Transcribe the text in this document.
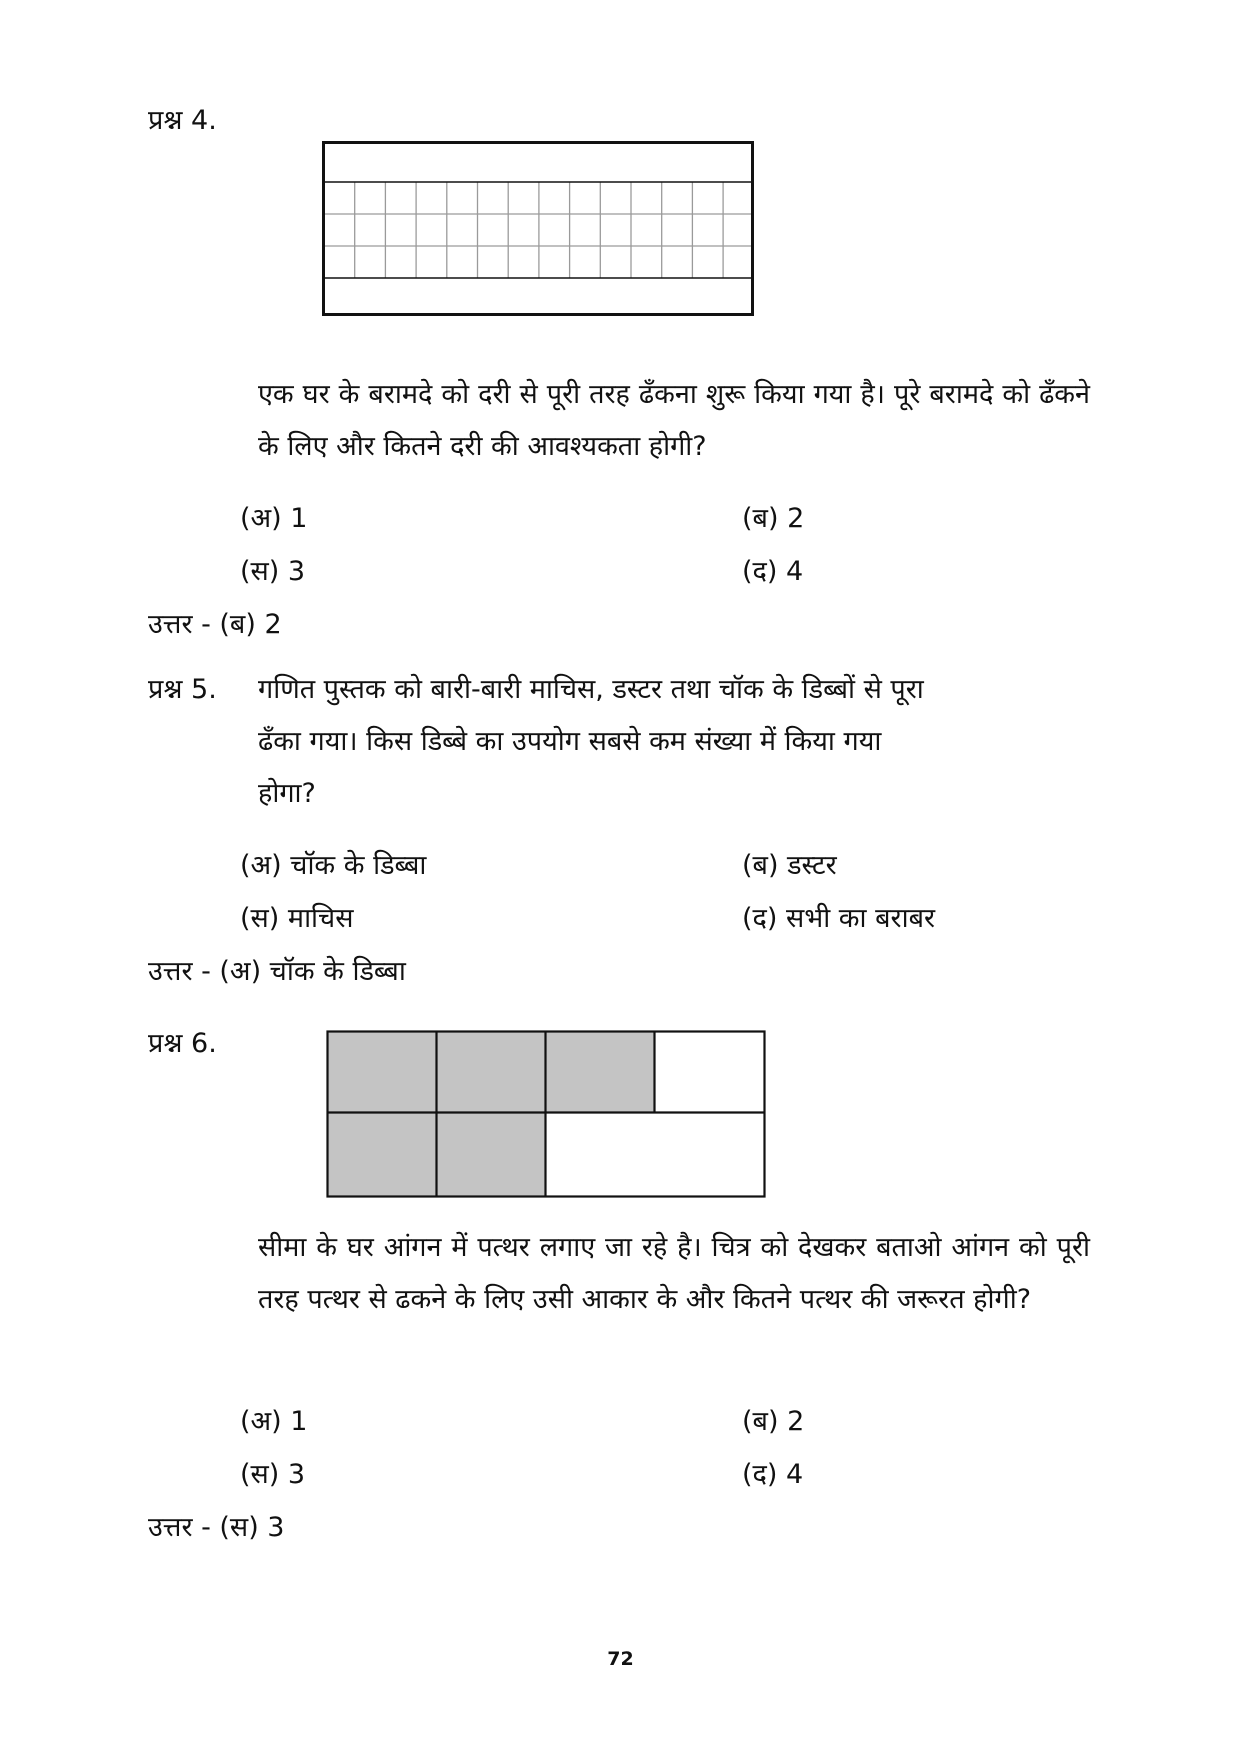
प्रश्न 4.
एक घर के बरामदे को दरी से पूरी तरह ढँकना शुरू किया गया है। पूरे बरामदे को ढँकने के लिए और कितने दरी की आवश्यकता होगी?
(अ) 1	(ब) 2
(स) 3	(द) 4
उत्तर - (ब) 2
प्रश्न 5. गणित पुस्तक को बारी-बारी माचिस, डस्टर तथा चॉक के डिब्बों से पूरा
ढँका गया। किस डिब्बे का उपयोग सबसे कम संख्या में किया गया
होगा?
(अ) चॉक के डिब्बा	(ब) डस्टर
(स) माचिस	(द) सभी का बराबर
उत्तर - (अ) चॉक के डिब्बा
प्रश्न 6.
सीमा के घर आंगन में पत्थर लगाए जा रहे है। चित्र को देखकर बताओ आंगन को पूरी तरह पत्थर से ढकने के लिए उसी आकार के और कितने पत्थर की जरूरत होगी?
(अ) 1	(ब) 2
(स) 3	(द) 4
उत्तर - (स) 3
72
